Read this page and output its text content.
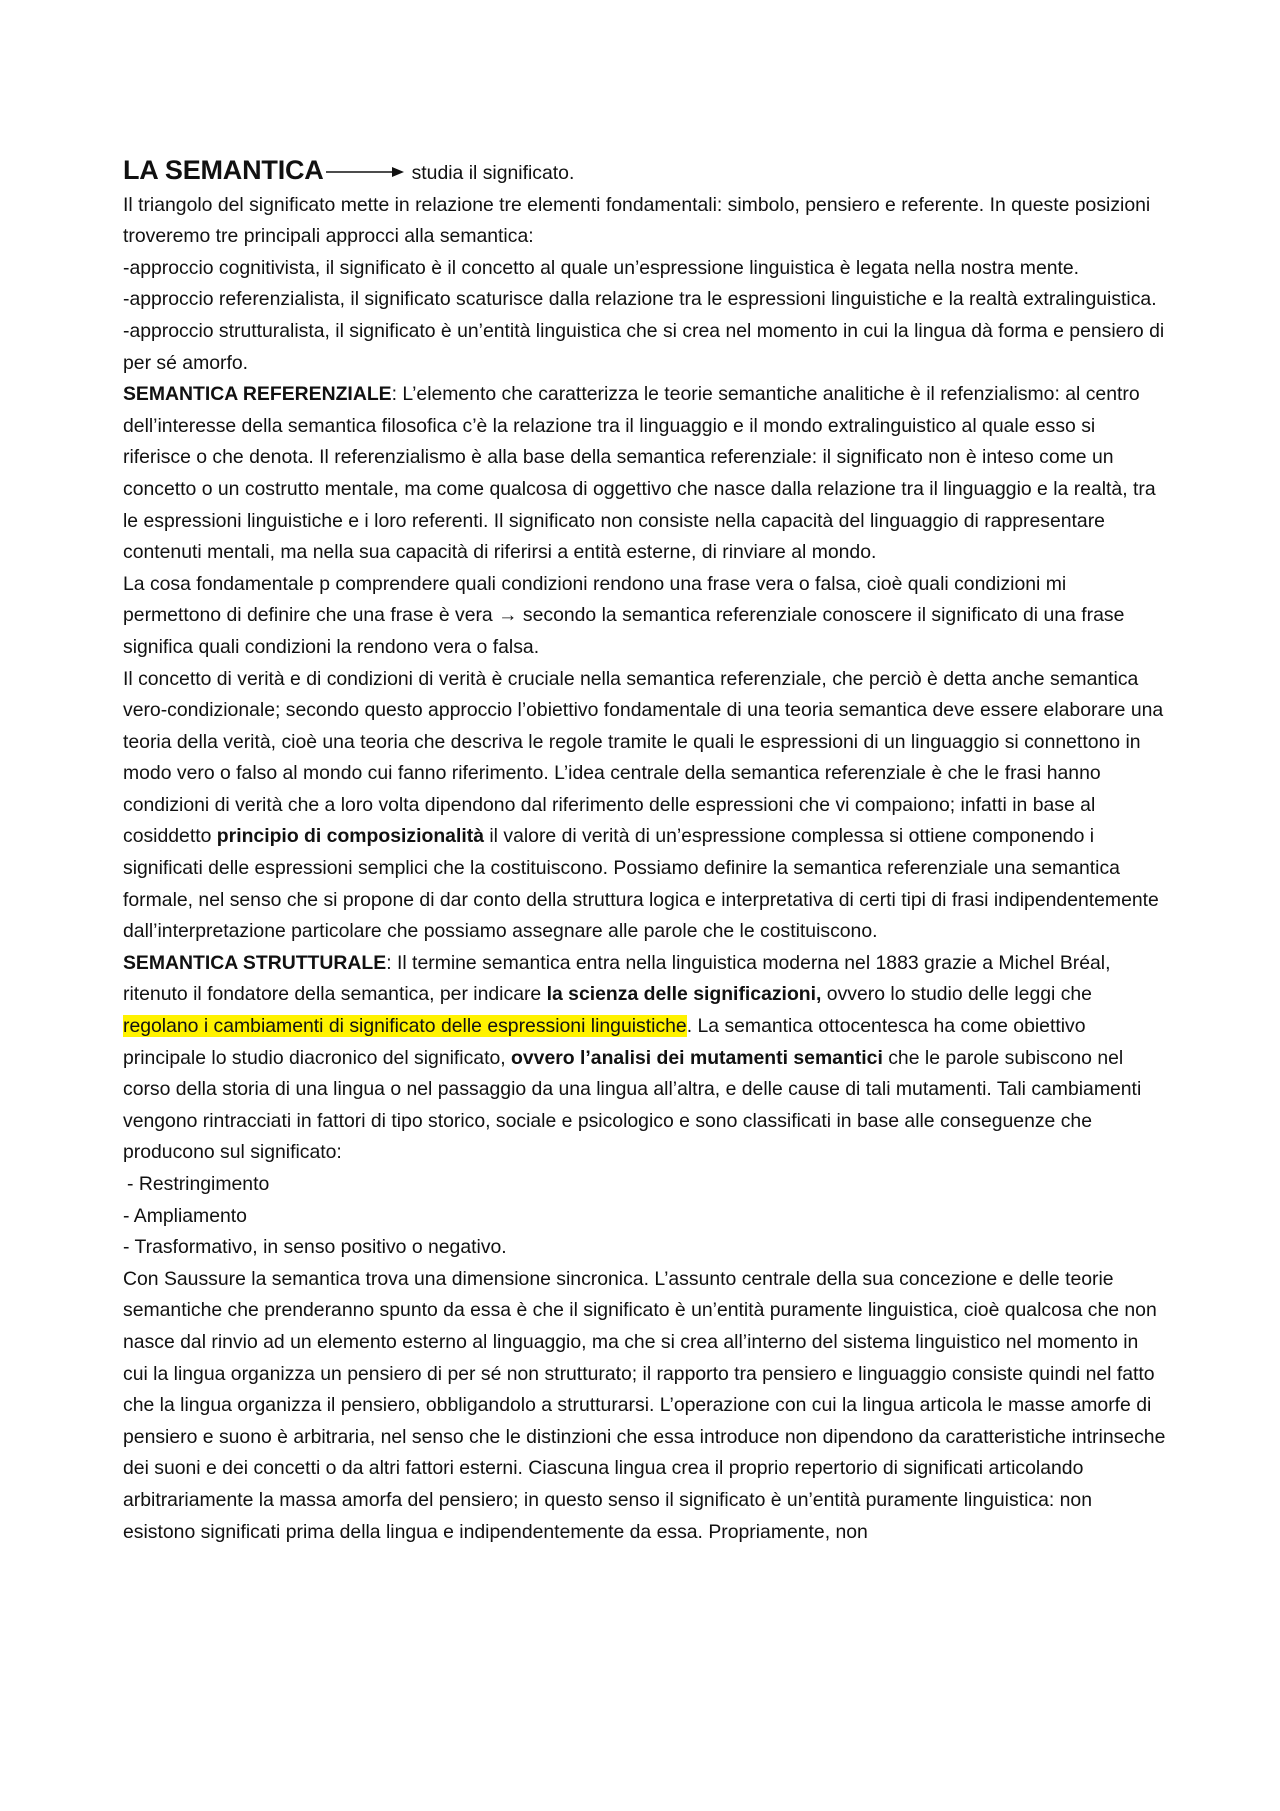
LA SEMANTICA	studia il significato.

Il triangolo del significato mette in relazione tre elementi fondamentali: simbolo, pensiero e referente. In queste posizioni troveremo tre principali approcci alla semantica:

-approccio cognitivista, il significato è il concetto al quale un’espressione linguistica è legata nella nostra mente.

-approccio referenzialista, il significato scaturisce dalla relazione tra le espressioni linguistiche e la realtà extralinguistica.

-approccio strutturalista, il significato è un’entità linguistica che si crea nel momento in cui la lingua dà forma e pensiero di per sé amorfo.

SEMANTICA REFERENZIALE: L’elemento che caratterizza le teorie semantiche analitiche è il refenzialismo: al centro dell’interesse della semantica filosofica c’è la relazione tra il linguaggio e il mondo extralinguistico al quale esso si riferisce o che denota. Il referenzialismo è alla base della semantica referenziale: il significato non è inteso come un concetto o un costrutto mentale, ma come qualcosa di oggettivo che nasce dalla relazione tra il linguaggio e la realtà, tra le espressioni linguistiche e i loro referenti. Il significato non consiste nella capacità del linguaggio di rappresentare contenuti mentali, ma nella sua capacità di riferirsi a entità esterne, di rinviare al mondo.

La cosa fondamentale p comprendere quali condizioni rendono una frase vera o falsa, cioè quali condizioni mi permettono di definire che una frase è vera → secondo la semantica referenziale conoscere il significato di una frase significa quali condizioni la rendono vera o falsa.

Il concetto di verità e di condizioni di verità è cruciale nella semantica referenziale, che perciò è detta anche semantica vero-condizionale; secondo questo approccio l’obiettivo fondamentale di una teoria semantica deve essere elaborare una teoria della verità, cioè una teoria che descriva le regole tramite le quali le espressioni di un linguaggio si connettono in modo vero o falso al mondo cui fanno riferimento. L’idea centrale della semantica referenziale è che le frasi hanno condizioni di verità che a loro volta dipendono dal riferimento delle espressioni che vi compaiono; infatti in base al cosiddetto principio di composizionalità il valore di verità di un’espressione complessa si ottiene componendo i significati delle espressioni semplici che la costituiscono. Possiamo definire la semantica referenziale una semantica formale, nel senso che si propone di dar conto della struttura logica e interpretativa di certi tipi di frasi indipendentemente dall’interpretazione particolare che possiamo assegnare alle parole che le costituiscono.

SEMANTICA STRUTTURALE: Il termine semantica entra nella linguistica moderna nel 1883 grazie a Michel Bréal, ritenuto il fondatore della semantica, per indicare la scienza delle significazioni, ovvero lo studio delle leggi che regolano i cambiamenti di significato delle espressioni linguistiche. La semantica ottocentesca ha come obiettivo principale lo studio diacronico del significato, ovvero l’analisi dei mutamenti semantici che le parole subiscono nel corso della storia di una lingua o nel passaggio da una lingua all’altra, e delle cause di tali mutamenti. Tali cambiamenti vengono rintracciati in fattori di tipo storico, sociale e psicologico e sono classificati in base alle conseguenze che producono sul significato:

- Restringimento

- Ampliamento

- Trasformativo, in senso positivo o negativo.

Con Saussure la semantica trova una dimensione sincronica. L’assunto centrale della sua concezione e delle teorie semantiche che prenderanno spunto da essa è che il significato è un’entità puramente linguistica, cioè qualcosa che non nasce dal rinvio ad un elemento esterno al linguaggio, ma che si crea all’interno del sistema linguistico nel momento in cui la lingua organizza un pensiero di per sé non strutturato; il rapporto tra pensiero e linguaggio consiste quindi nel fatto che la lingua organizza il pensiero, obbligandolo a strutturarsi. L’operazione con cui la lingua articola le masse amorfe di pensiero e suono è arbitraria, nel senso che le distinzioni che essa introduce non dipendono da caratteristiche intrinseche dei suoni e dei concetti o da altri fattori esterni. Ciascuna lingua crea il proprio repertorio di significati articolando arbitrariamente la massa amorfa del pensiero; in questo senso il significato è un’entità puramente linguistica: non esistono significati prima della lingua e indipendentemente da essa. Propriamente, non
